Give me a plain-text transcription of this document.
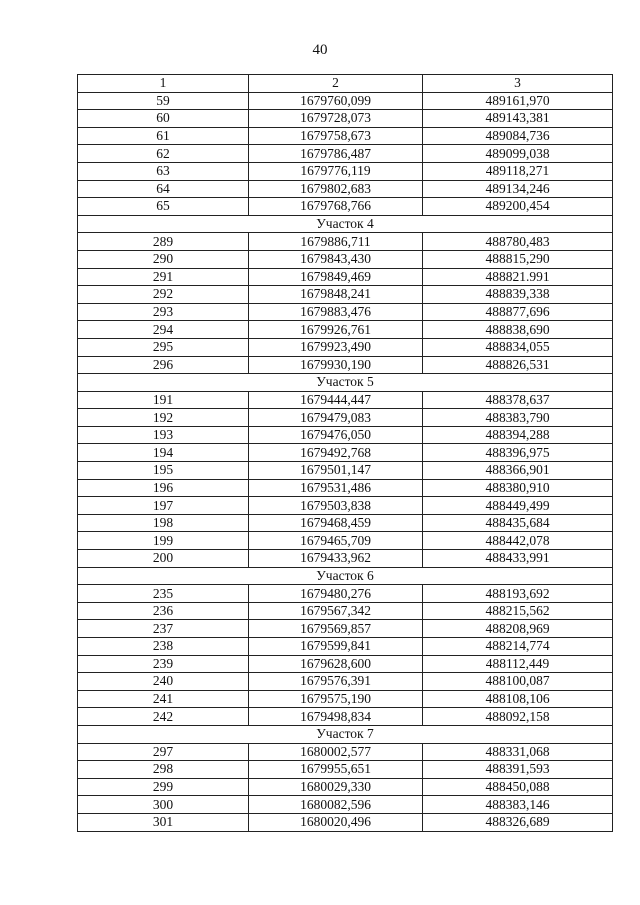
40
1	2	3
59	1679760,099	489161,970
60	1679728,073	489143,381
61	1679758,673	489084,736
62	1679786,487	489099,038
63	1679776,119	489118,271
64	1679802,683	489134,246
65	1679768,766	489200,454
Участок 4		
289	1679886,711	488780,483
290	1679843,430	488815,290
291	1679849,469	488821.991
292	1679848,241	488839,338
293	1679883,476	488877,696
294	1679926,761	488838,690
295	1679923,490	488834,055
296	1679930,190	488826,531
Участок 5		
191	1679444,447	488378,637
192	1679479,083	488383,790
193	1679476,050	488394,288
194	1679492,768	488396,975
195	1679501,147	488366,901
196	1679531,486	488380,910
197	1679503,838	488449,499
198	1679468,459	488435,684
199	1679465,709	488442,078
200	1679433,962	488433,991
Участок 6		
235	1679480,276	488193,692
236	1679567,342	488215,562
237	1679569,857	488208,969
238	1679599,841	488214,774
239	1679628,600	488112,449
240	1679576,391	488100,087
241	1679575,190	488108,106
242	1679498,834	488092,158
Участок 7		
297	1680002,577	488331,068
298	1679955,651	488391,593
299	1680029,330	488450,088
300	1680082,596	488383,146
301	1680020,496	488326,689
